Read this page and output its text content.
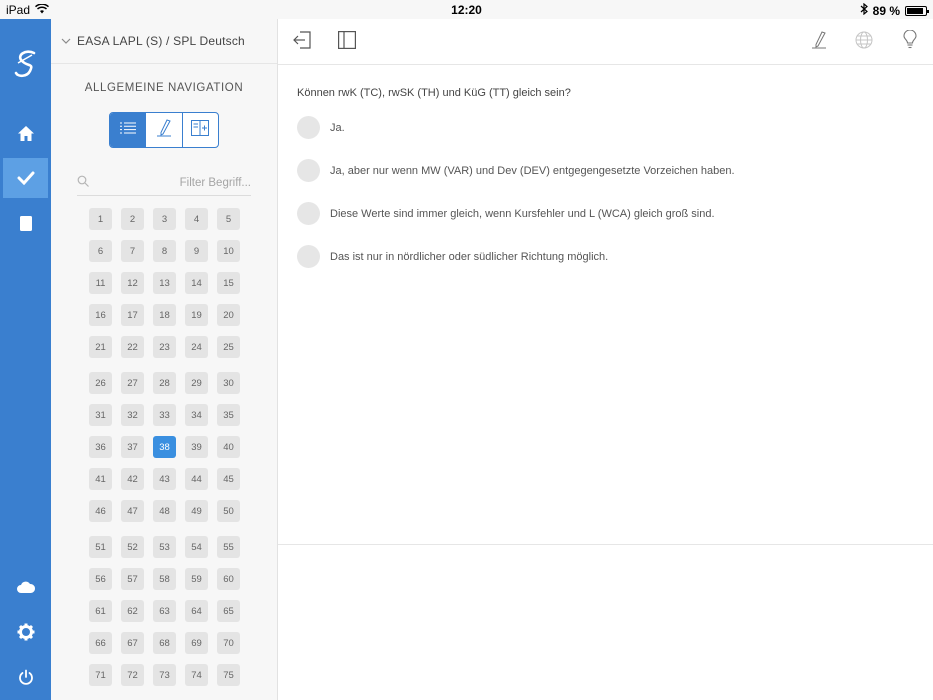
iPad	12:20	89 %
EASA LAPL (S) / SPL Deutsch
ALLGEMEINE NAVIGATION
Filter Begriff...
1	2	3	4	5
6	7	8	9	10
11	12	13	14	15
16	17	18	19	20
21	22	23	24	25
26	27	28	29	30
31	32	33	34	35
36	37	38	39	40
41	42	43	44	45
46	47	48	49	50
51	52	53	54	55
56	57	58	59	60
61	62	63	64	65
66	67	68	69	70
71	72	73	74	75
Können rwK (TC), rwSK (TH) und KüG (TT) gleich sein?
Ja.
Ja, aber nur wenn MW (VAR) und Dev (DEV) entgegengesetzte Vorzeichen haben.
Diese Werte sind immer gleich, wenn Kursfehler und L (WCA) gleich groß sind.
Das ist nur in nördlicher oder südlicher Richtung möglich.
